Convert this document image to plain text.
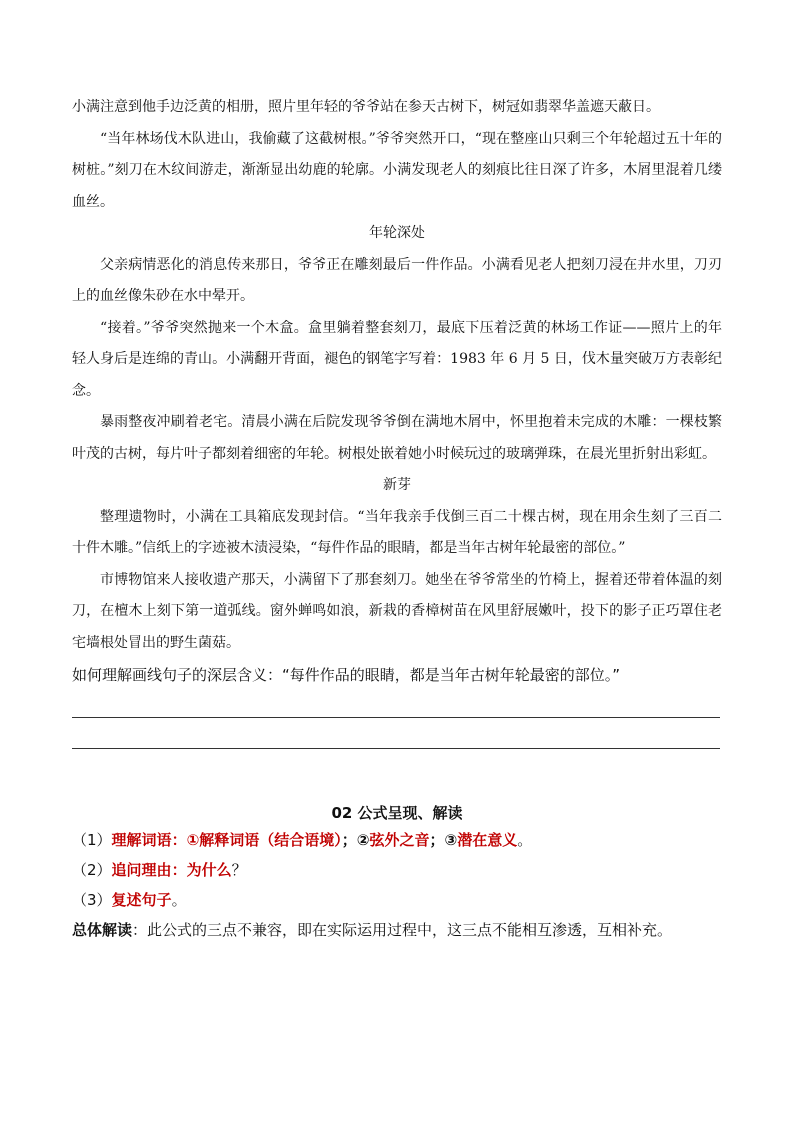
小满注意到他手边泛黄的相册，照片里年轻的爷爷站在参天古树下，树冠如翡翠华盖遮天蔽日。

“当年林场伐木队进山，我偷藏了这截树根。”爷爷突然开口，“现在整座山只剩三个年轮超过五十年的树桩。”刻刀在木纹间游走，渐渐显出幼鹿的轮廓。小满发现老人的刻痕比往日深了许多，木屑里混着几缕血丝。

年轮深处

父亲病情恶化的消息传来那日，爷爷正在雕刻最后一件作品。小满看见老人把刻刀浸在井水里，刀刃上的血丝像朱砂在水中晕开。

“接着。”爷爷突然抛来一个木盒。盒里躺着整套刻刀，最底下压着泛黄的林场工作证——照片上的年轻人身后是连绵的青山。小满翻开背面，褪色的钢笔字写着：1983 年 6 月 5 日，伐木量突破万方表彰纪念。

暴雨整夜冲刷着老宅。清晨小满在后院发现爷爷倒在满地木屑中，怀里抱着未完成的木雕：一棵枝繁叶茂的古树，每片叶子都刻着细密的年轮。树根处嵌着她小时候玩过的玻璃弹珠，在晨光里折射出彩虹。

新芽

整理遗物时，小满在工具箱底发现封信。“当年我亲手伐倒三百二十棵古树，现在用余生刻了三百二十件木雕。”信纸上的字迹被木渍浸染，“每件作品的眼睛，都是当年古树年轮最密的部位。”

市博物馆来人接收遗产那天，小满留下了那套刻刀。她坐在爷爷常坐的竹椅上，握着还带着体温的刻刀，在檀木上刻下第一道弧线。窗外蝉鸣如浪，新栽的香樟树苗在风里舒展嫩叶，投下的影子正巧罩住老宅墙根处冒出的野生菌菇。

如何理解画线句子的深层含义：“每件作品的眼睛，都是当年古树年轮最密的部位。”
02 公式呈现、解读
（1）理解词语：①解释词语（结合语境）；②弦外之音；③潜在意义。
（2）追问理由：为什么？
（3）复述句子。
总体解读：此公式的三点不兼容，即在实际运用过程中，这三点不能相互渗透，互相补充。
